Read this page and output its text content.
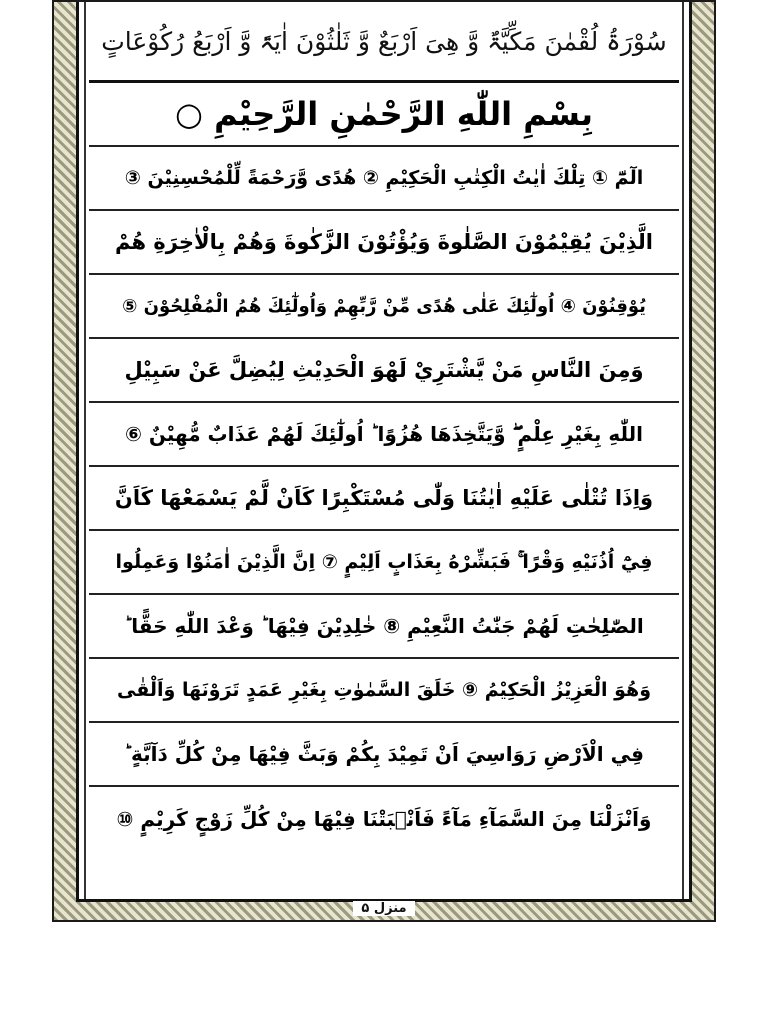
سُوْرَۃُ لُقْمٰنَ مَکِّیَّۃٌ وَّ هِیَ اَرْبَعٌ وَّ ثَلٰثُوْنَ اٰیَۃً وَّ اَرْبَعُ رُکُوْعَاتٍ
بِسْمِ اللّٰهِ الرَّحْمٰنِ الرَّحِيْمِ ○
الٓمّٓ ① تِلْكَ اٰيٰتُ الْكِتٰبِ الْحَكِيْمِ ② هُدًى وَّرَحْمَةً لِّلْمُحْسِنِيْنَ ③
الَّذِيْنَ يُقِيْمُوْنَ الصَّلٰوةَ وَيُؤْتُوْنَ الزَّكٰوةَ وَهُمْ بِالْاٰخِرَةِ هُمْ
يُوْقِنُوْنَ ④ اُولٰٓئِكَ عَلٰى هُدًى مِّنْ رَّبِّهِمْ وَاُولٰٓئِكَ هُمُ الْمُفْلِحُوْنَ ⑤
وَمِنَ النَّاسِ مَنْ يَّشْتَرِيْ لَهْوَ الْحَدِيْثِ لِيُضِلَّ عَنْ سَبِيْلِ
اللّٰهِ بِغَيْرِ عِلْمٍ ۖ وَّيَتَّخِذَهَا هُزُوًا ؕ اُولٰٓئِكَ لَهُمْ عَذَابٌ مُّهِيْنٌ ⑥
وَاِذَا تُتْلٰى عَلَيْهِ اٰيٰتُنَا وَلّٰى مُسْتَكْبِرًا كَاَنْ لَّمْ يَسْمَعْهَا كَاَنَّ
فِيْٓ اُذُنَيْهِ وَقْرًا ۚ فَبَشِّرْهُ بِعَذَابٍ اَلِيْمٍ ⑦ اِنَّ الَّذِيْنَ اٰمَنُوْا وَعَمِلُوا
الصّٰلِحٰتِ لَهُمْ جَنّٰتُ النَّعِيْمِ ⑧ خٰلِدِيْنَ فِيْهَا ؕ وَعْدَ اللّٰهِ حَقًّا ؕ
وَهُوَ الْعَزِيْزُ الْحَكِيْمُ ⑨ خَلَقَ السَّمٰوٰتِ بِغَيْرِ عَمَدٍ تَرَوْنَهَا وَاَلْقٰى
فِي الْاَرْضِ رَوَاسِيَ اَنْ تَمِيْدَ بِكُمْ وَبَثَّ فِيْهَا مِنْ كُلِّ دَآبَّةٍ ؕ
وَاَنْزَلْنَا مِنَ السَّمَآءِ مَآءً فَاَنْۢبَتْنَا فِيْهَا مِنْ كُلِّ زَوْجٍ كَرِيْمٍ ⑩
منزل ۵
